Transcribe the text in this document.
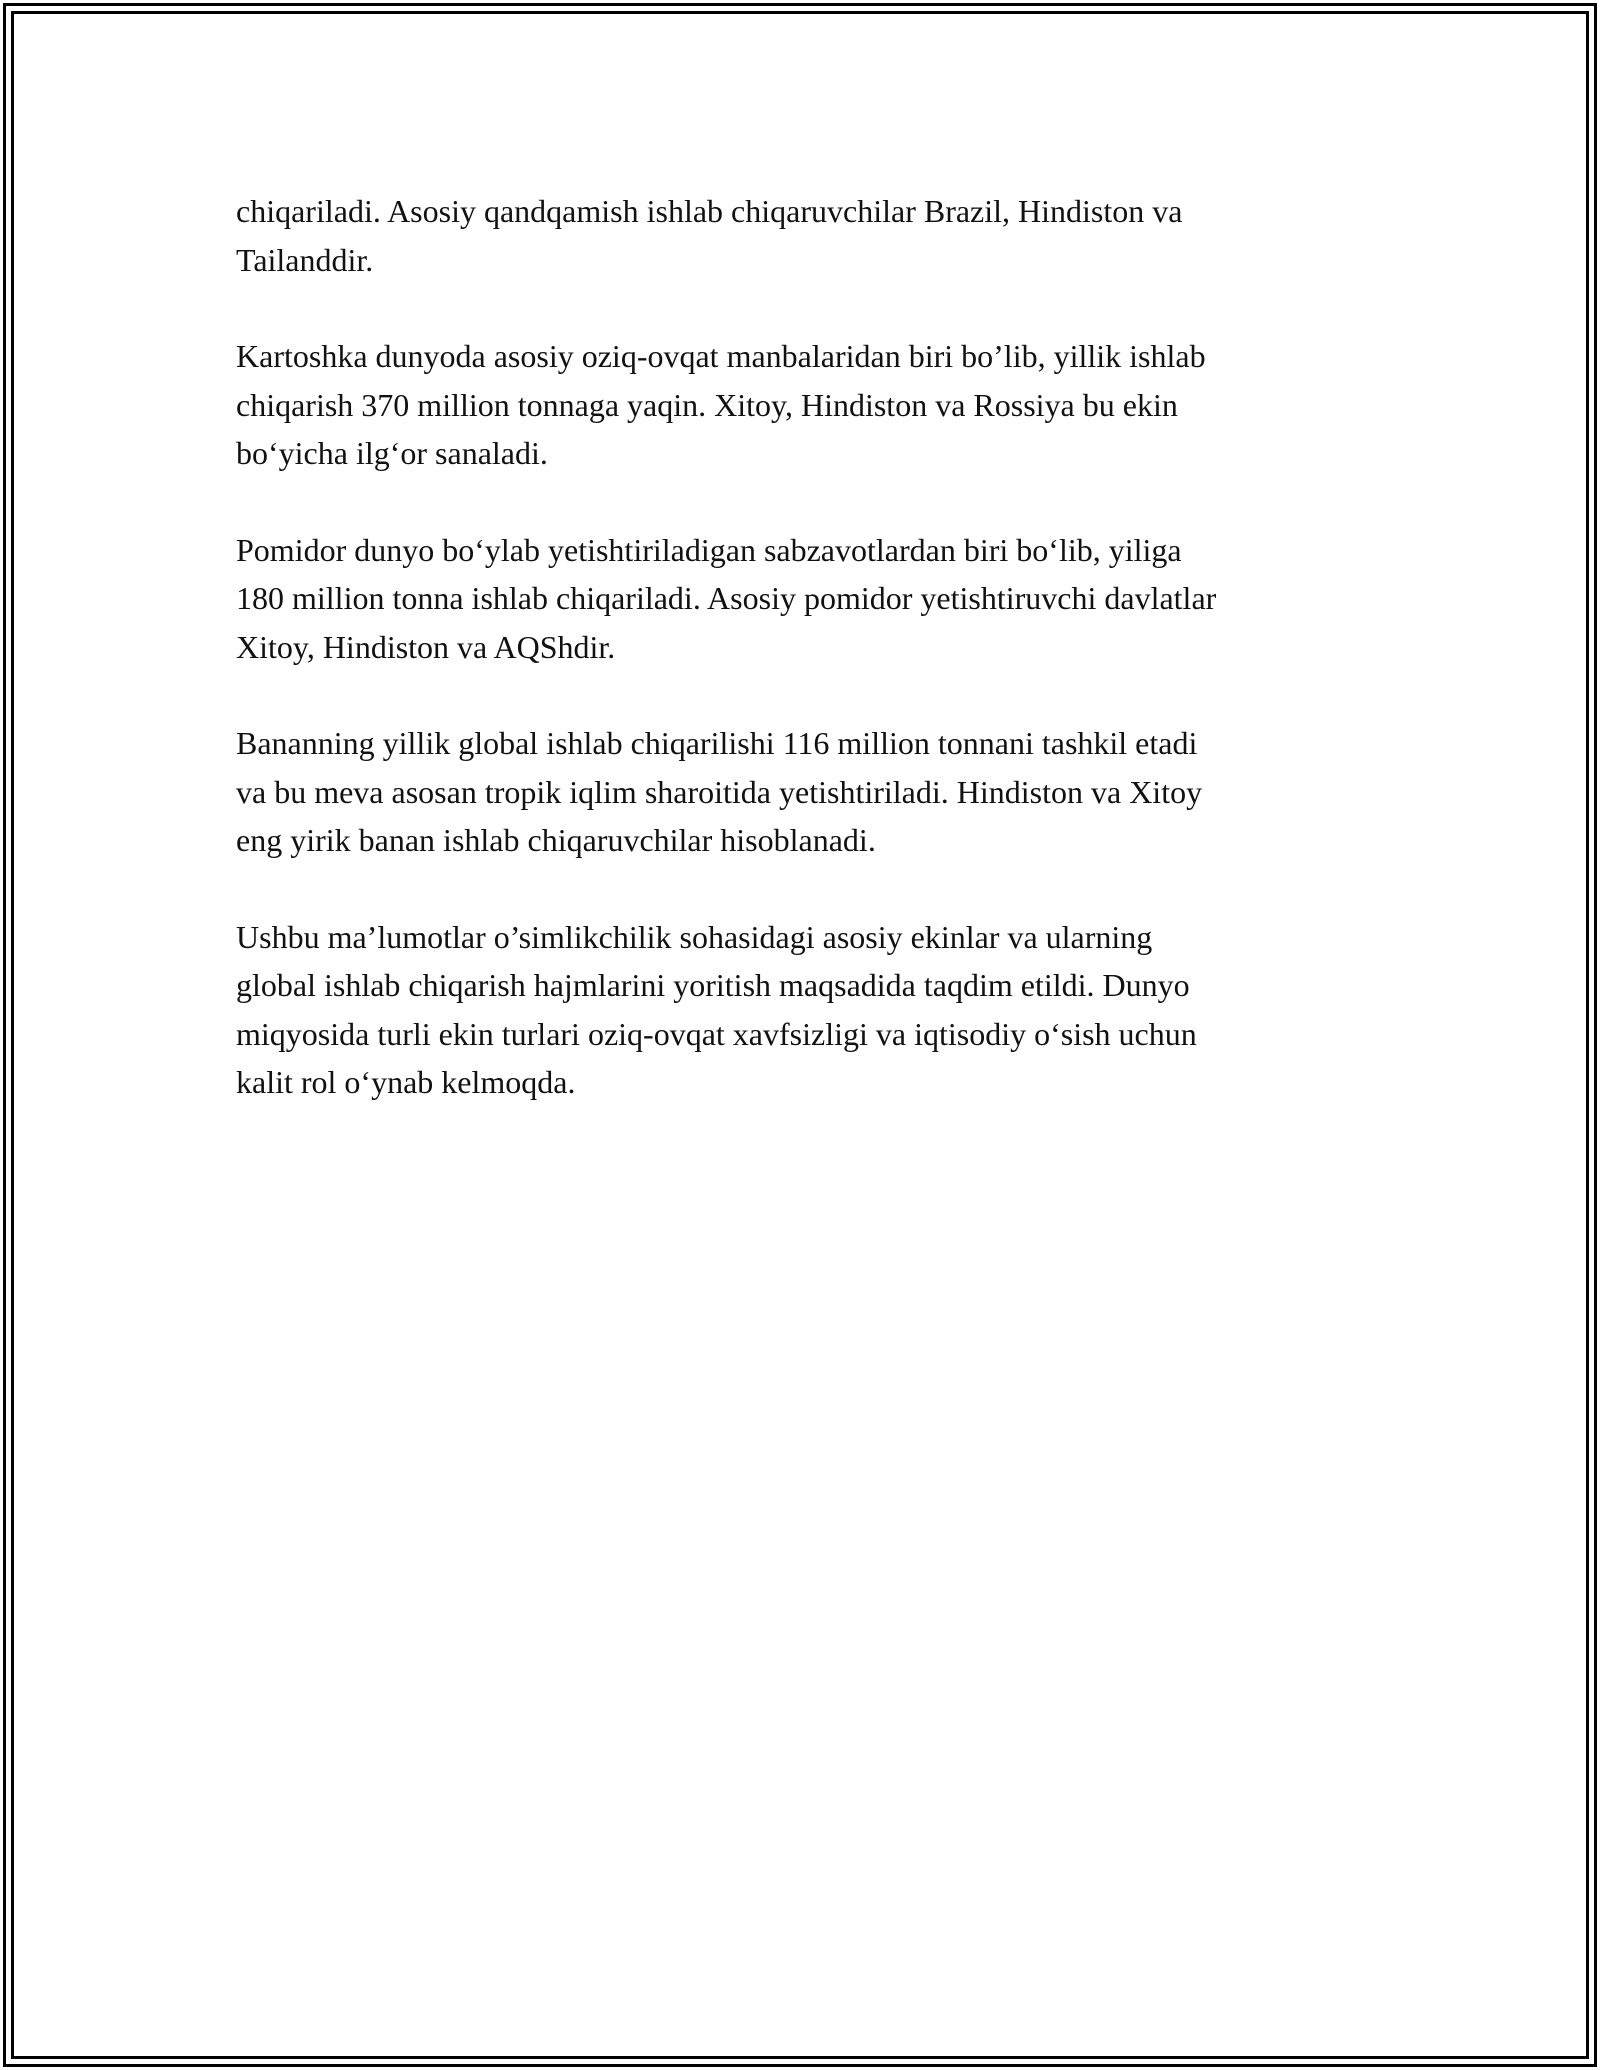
chiqariladi. Asosiy qandqamish ishlab chiqaruvchilar Brazil, Hindiston va
Tailanddir.

Kartoshka dunyoda asosiy oziq-ovqat manbalaridan biri bo’lib, yillik ishlab
chiqarish 370 million tonnaga yaqin. Xitoy, Hindiston va Rossiya bu ekin
bo‘yicha ilg‘or sanaladi.

Pomidor dunyo bo‘ylab yetishtiriladigan sabzavotlardan biri bo‘lib, yiliga
180 million tonna ishlab chiqariladi. Asosiy pomidor yetishtiruvchi davlatlar
Xitoy, Hindiston va AQShdir.

Bananning yillik global ishlab chiqarilishi 116 million tonnani tashkil etadi
va bu meva asosan tropik iqlim sharoitida yetishtiriladi. Hindiston va Xitoy
eng yirik banan ishlab chiqaruvchilar hisoblanadi.

Ushbu ma’lumotlar o’simlikchilik sohasidagi asosiy ekinlar va ularning
global ishlab chiqarish hajmlarini yoritish maqsadida taqdim etildi. Dunyo
miqyosida turli ekin turlari oziq-ovqat xavfsizligi va iqtisodiy o‘sish uchun
kalit rol o‘ynab kelmoqda.
